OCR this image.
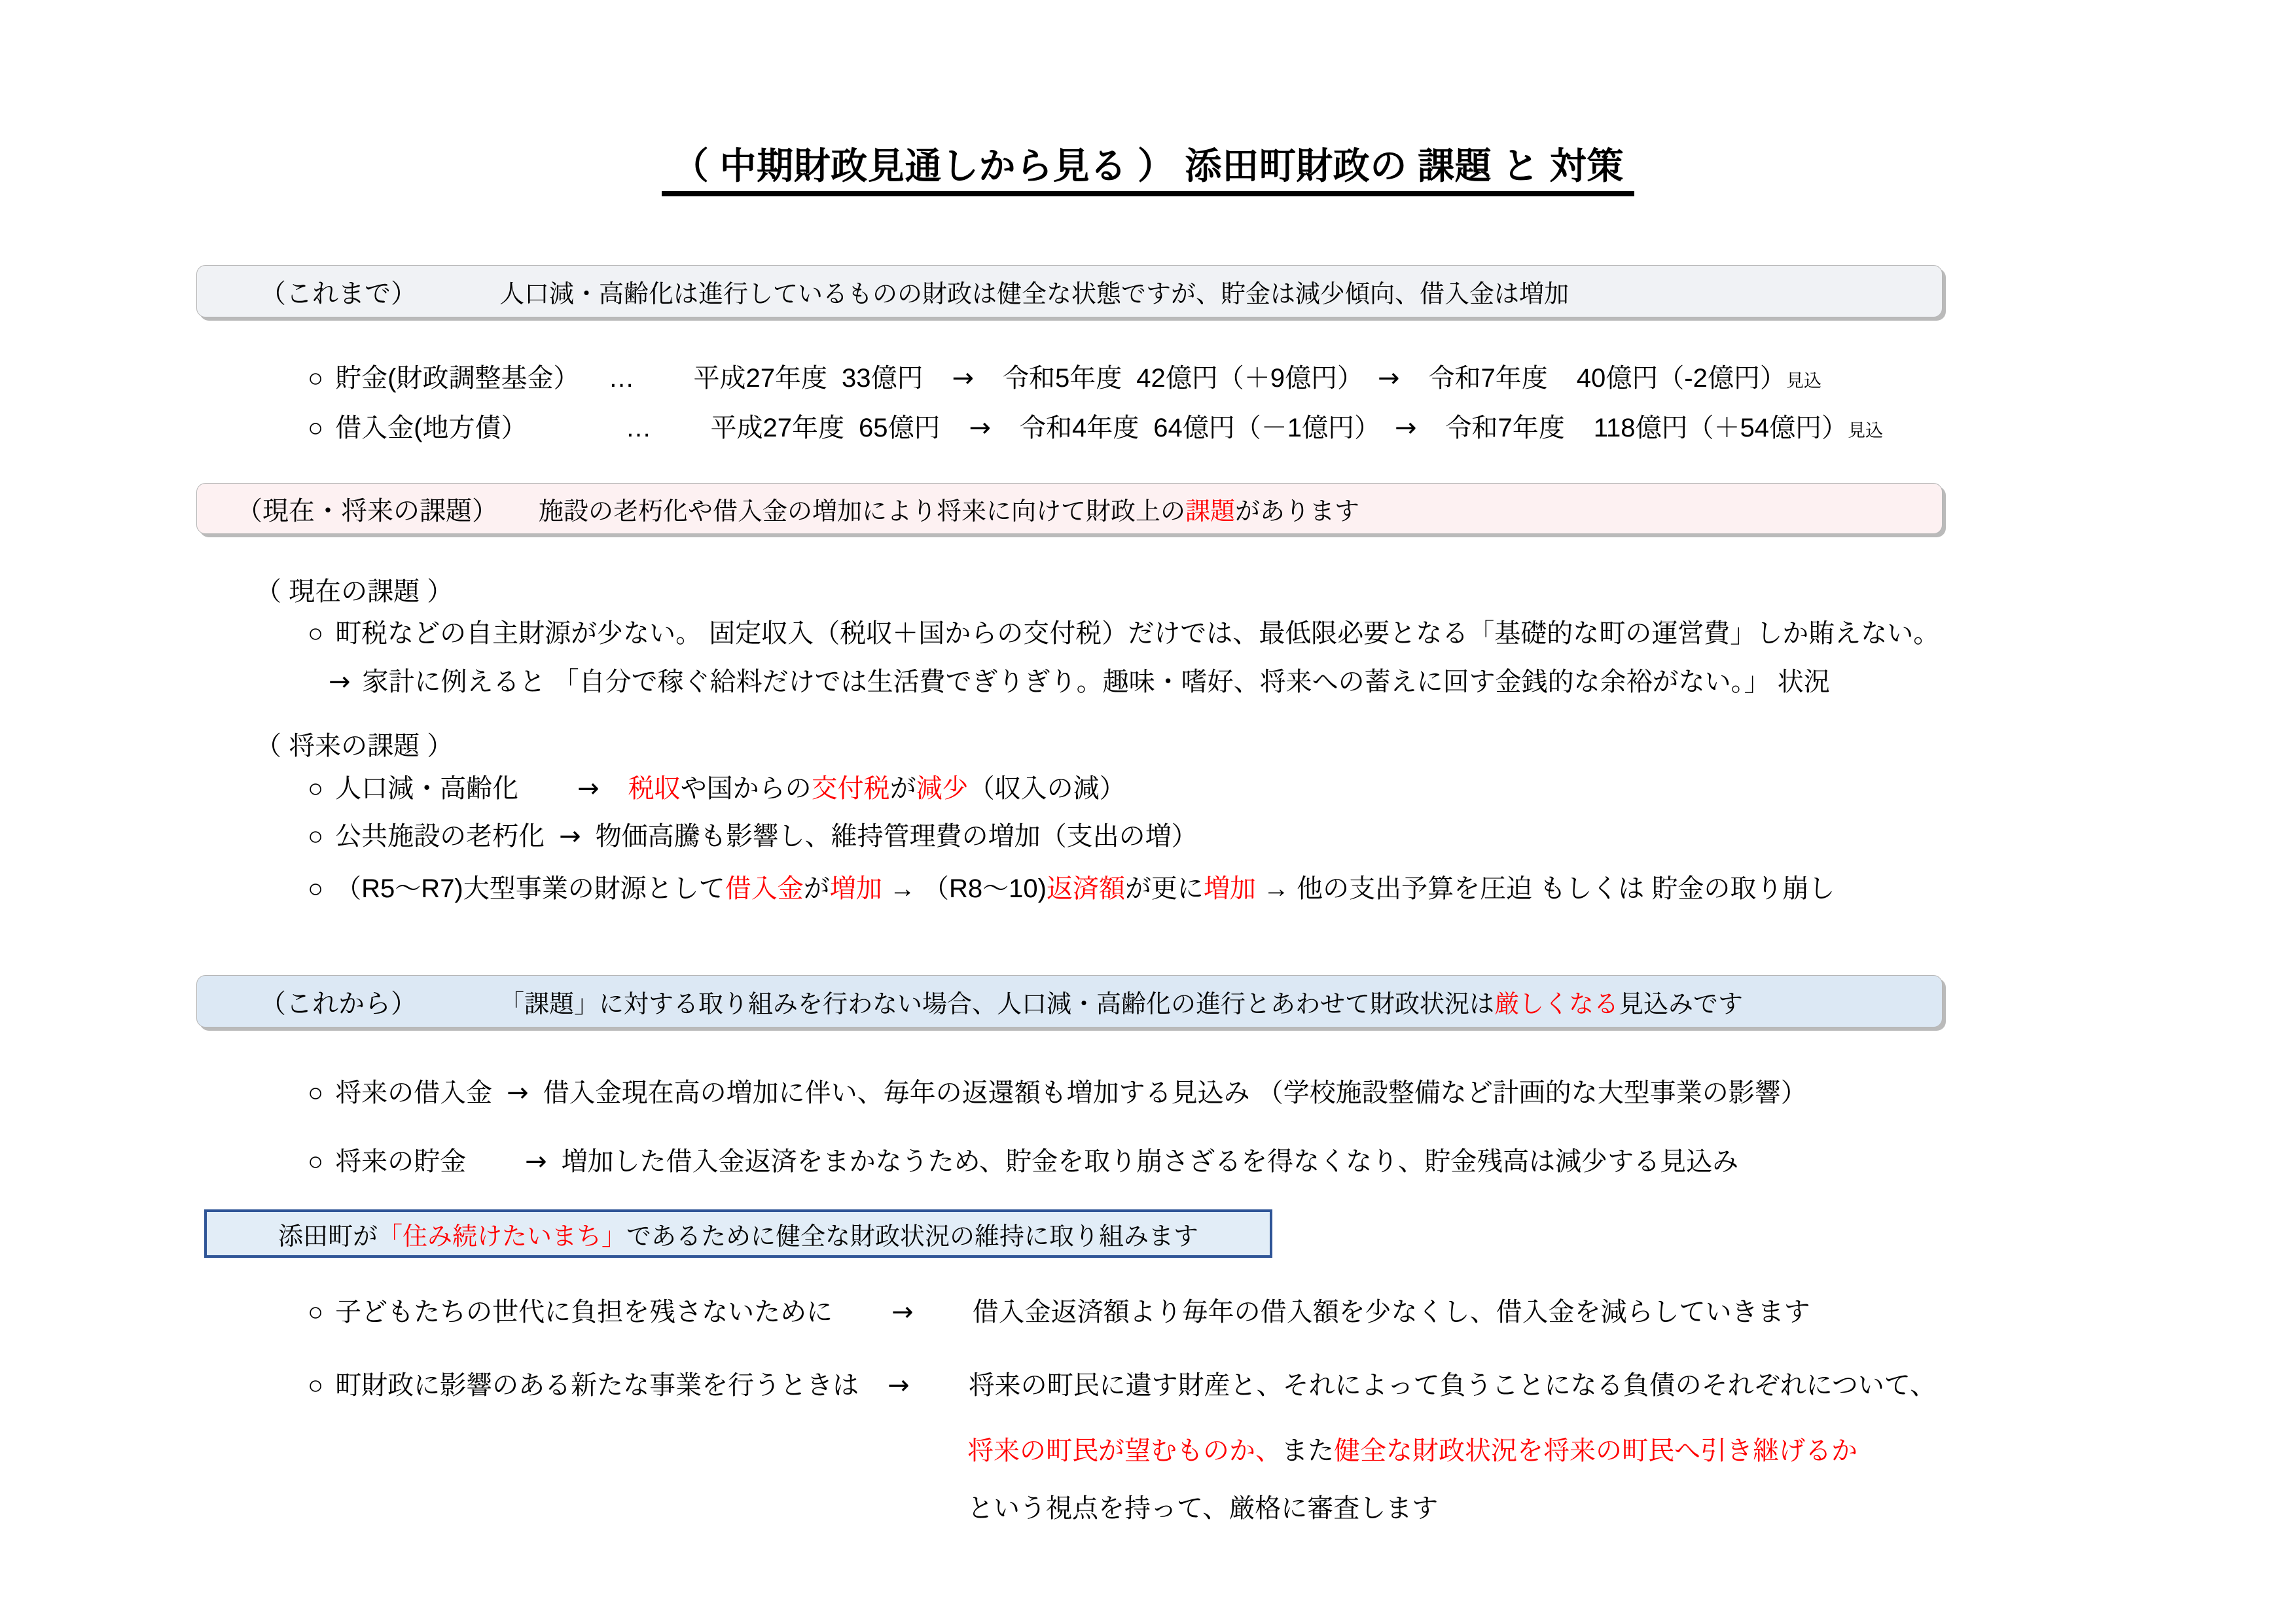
（ 中期財政見通しから見る ） 添田町財政の 課題 と 対策
（これまで）	人口減・高齢化は進行しているものの財政は健全な状態ですが、貯金は減少傾向、借入金は増加
○ 貯金(財政調整基金） … 平成27年度 33億円 → 令和5年度 42億円（＋9億円） → 令和7年度 40億円（-2億円）見込
○ 借入金(地方債）	… 平成27年度 65億円 → 令和4年度 64億円（－1億円） → 令和7年度 118億円（＋54億円）見込
（現在・将来の課題） 施設の老朽化や借入金の増加により将来に向けて財政上の課題があります
（ 現在の課題 ）
○ 町税などの自主財源が少ない。 固定収入（税収＋国からの交付税）だけでは、最低限必要となる「基礎的な町の運営費」しか賄えない。
→ 家計に例えると 「自分で稼ぐ給料だけでは生活費でぎりぎり。趣味・嗜好、将来への蓄えに回す金銭的な余裕がない。」 状況
（ 将来の課題 ）
○ 人口減・高齢化 → 税収や国からの交付税が減少（収入の減）
○ 公共施設の老朽化 → 物価高騰も影響し、維持管理費の増加（支出の増）
○ （R5～R7)大型事業の財源として借入金が増加 → （R8～10)返済額が更に増加 → 他の支出予算を圧迫 もしくは 貯金の取り崩し
（これから）	「課題」に対する取り組みを行わない場合、人口減・高齢化の進行とあわせて財政状況は厳しくなる見込みです
○ 将来の借入金 → 借入金現在高の増加に伴い、毎年の返還額も増加する見込み （学校施設整備など計画的な大型事業の影響）
○ 将来の貯金 → 増加した借入金返済をまかなうため、貯金を取り崩さざるを得なくなり、貯金残高は減少する見込み
添田町が「住み続けたいまち」であるために健全な財政状況の維持に取り組みます
○ 子どもたちの世代に負担を残さないために → 借入金返済額より毎年の借入額を少なくし、借入金を減らしていきます
○ 町財政に影響のある新たな事業を行うときは → 将来の町民に遺す財産と、それによって負うことになる負債のそれぞれについて、
将来の町民が望むものか、また健全な財政状況を将来の町民へ引き継げるか
という視点を持って、厳格に審査します
